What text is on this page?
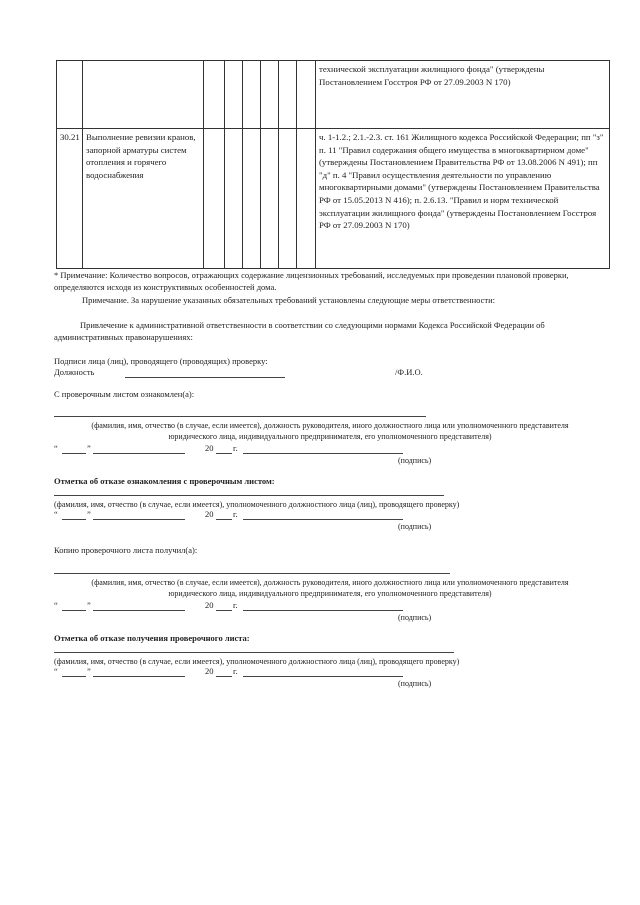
								технической эксплуатации жилищного фонда" (утверждены Постановлением Госстроя РФ от 27.09.2003 N 170)
30.21	Выполнение ревизии кранов, запорной арматуры систем отопления и горячего водоснабжения							ч. 1-1.2.; 2.1.-2.3. ст. 161 Жилищного кодекса Российской Федерации; пп "з" п. 11 "Правил содержания общего имущества в многоквартирном доме" (утверждены Постановлением Правительства РФ от 13.08.2006 N 491); пп "д" п. 4 "Правил осуществления деятельности по управлению многоквартирными домами" (утверждены Постановлением Правительства РФ от 15.05.2013 N 416); п. 2.6.13. "Правил и норм технической эксплуатации жилищного фонда" (утверждены Постановлением Госстроя РФ от 27.09.2003 N 170)
* Примечание: Количество вопросов, отражающих содержание лицензионных требований, исследуемых при проведении плановой проверки, определяются исходя из конструктивных особенностей дома.
Примечание. За нарушение указанных обязательных требований установлены следующие меры ответственности:
Привлечение к административной ответственности в соответствии со следующими нормами Кодекса Российской Федерации об административных правонарушениях:
Подписи лица (лиц), проводящего (проводящих) проверку:
Должность	/Ф.И.О.
С проверочным листом ознакомлен(а):
(фамилия, имя, отчество (в случае, если имеется), должность руководителя, иного должностного лица или уполномоченного представителя юридического лица, индивидуального предпринимателя, его уполномоченного представителя)
“	”	20 г.
(подпись)
Отметка об отказе ознакомления с проверочным листом:
(фамилия, имя, отчество (в случае, если имеется), уполномоченного должностного лица (лиц), проводящего проверку)
“	”	20 г.
(подпись)
Копию проверочного листа получил(а):
(фамилия, имя, отчество (в случае, если имеется), должность руководителя, иного должностного лица или уполномоченного представителя юридического лица, индивидуального предпринимателя, его уполномоченного представителя)
“	”	20 г.
(подпись)
Отметка об отказе получения проверочного листа:
(фамилия, имя, отчество (в случае, если имеется), уполномоченного должностного лица (лиц), проводящего проверку)
“	”	20 г.
(подпись)
